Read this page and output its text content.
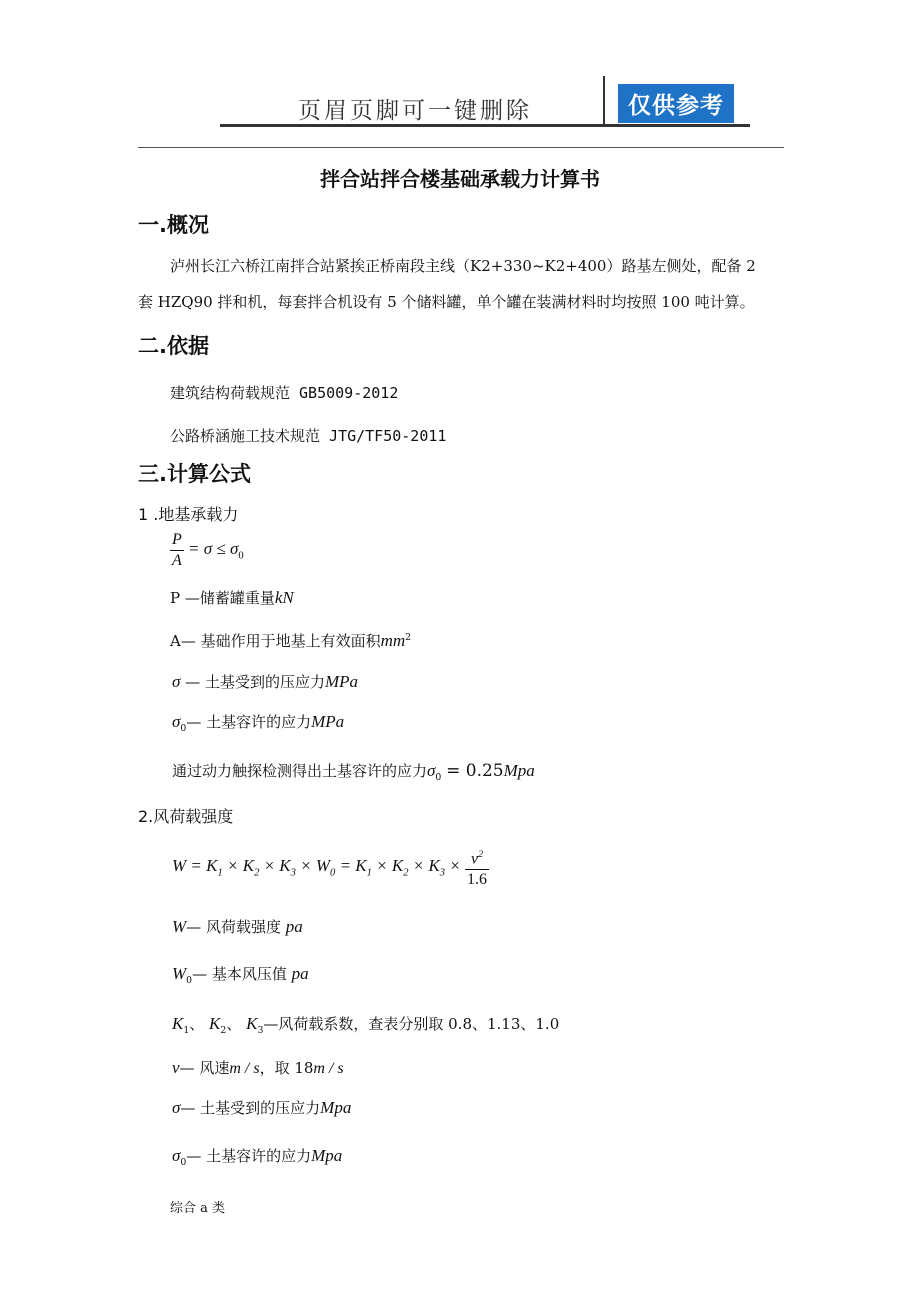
页眉页脚可一键删除	仅供参考
拌合站拌合楼基础承载力计算书
一.概况
泸州长江六桥江南拌合站紧挨正桥南段主线（K2+330~K2+400）路基左侧处，配备 2
套 HZQ90 拌和机，每套拌合机设有 5 个储料罐，单个罐在装满材料时均按照 100 吨计算。
二.依据
建筑结构荷载规范 GB5009-2012
公路桥涵施工技术规范 JTG/TF50-2011
三.计算公式
1 .地基承载力
$\frac{P}{A} = \sigma \le \sigma_0$
P —储蓄罐重量kN
A— 基础作用于地基上有效面积$mm^2$
σ — 土基受到的压应力MPa
$\sigma_0—$ 土基容许的应力MPa
通过动力触探检测得出土基容许的应力$\sigma_0 = 0.25Mpa$
2.风荷载强度
$W = K_1 \times K_2 \times K_3 \times W_0 = K_1 \times K_2 \times K_3 \times \frac{v^2}{1.6}$
W— 风荷载强度 pa
$W_0—$ 基本风压值 pa
$K_1$、 $K_2$、 $K_3—$风荷载系数，查表分别取 0.8、1.13、1.0
v— 风速m / s，取 18m / s
σ— 土基受到的压应力Mpa
$\sigma_0—$ 土基容许的应力Mpa
综合 a 类
